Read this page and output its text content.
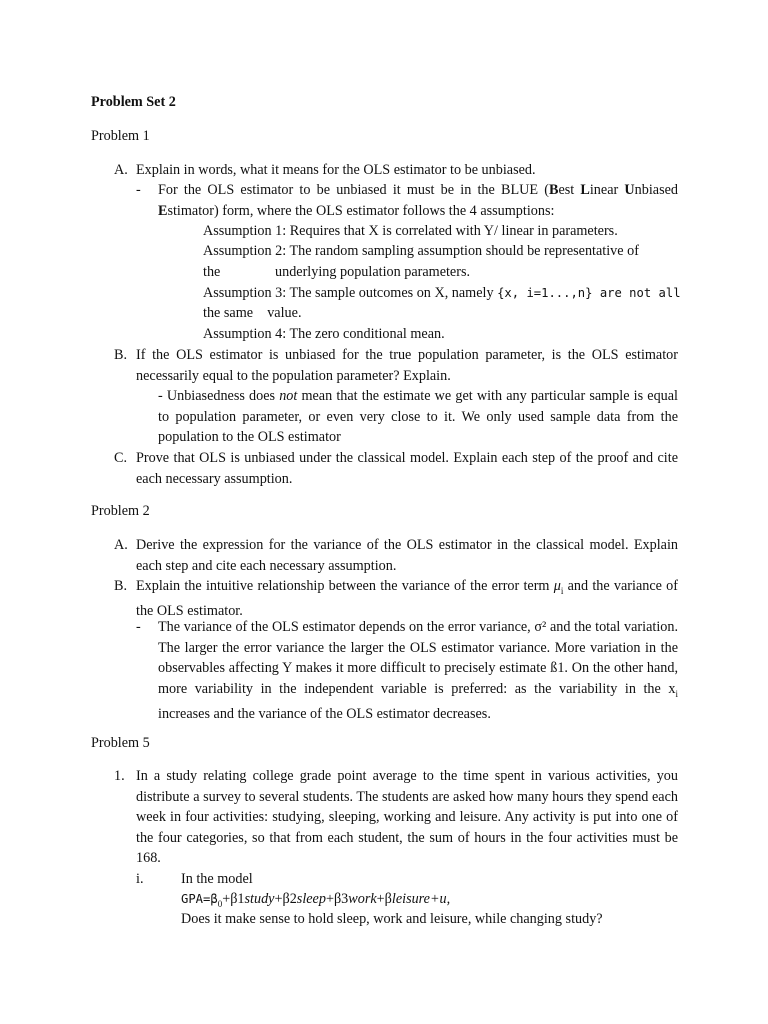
Problem Set 2
Problem 1
A. Explain in words, what it means for the OLS estimator to be unbiased.
- For the OLS estimator to be unbiased it must be in the BLUE (Best Linear Unbiased Estimator) form, where the OLS estimator follows the 4 assumptions:
Assumption 1: Requires that X is correlated with Y/ linear in parameters.
Assumption 2: The random sampling assumption should be representative of
the	underlying population parameters.
Assumption 3: The sample outcomes on X, namely {x, i=1...,n} are not all
the same    value.
Assumption 4: The zero conditional mean.
B. If the OLS estimator is unbiased for the true population parameter, is the OLS estimator necessarily equal to the population parameter? Explain.
- Unbiasedness does not mean that the estimate we get with any particular sample is equal to population parameter, or even very close to it. We only used sample data from the population to the OLS estimator
C. Prove that OLS is unbiased under the classical model. Explain each step of the proof and cite each necessary assumption.
Problem 2
A. Derive the expression for the variance of the OLS estimator in the classical model. Explain each step and cite each necessary assumption.
B. Explain the intuitive relationship between the variance of the error term $\mu_i$ and the variance of the OLS estimator.
- The variance of the OLS estimator depends on the error variance, σ² and the total variation. The larger the error variance the larger the OLS estimator variance. More variation in the observables affecting Y makes it more difficult to precisely estimate ß1. On the other hand, more variability in the independent variable is preferred: as the variability in the $x_i$ increases and the variance of the OLS estimator decreases.
Problem 5
1. In a study relating college grade point average to the time spent in various activities, you distribute a survey to several students. The students are asked how many hours they spend each week in four activities: studying, sleeping, working and leisure. Any activity is put into one of the four categories, so that from each student, the sum of hours in the four activities must be 168.
i.	In the model
$GPA=\beta_0+\beta 1study+\beta 2sleep+\beta 3work+\beta leisure+u$,
Does it make sense to hold sleep, work and leisure, while changing study?
